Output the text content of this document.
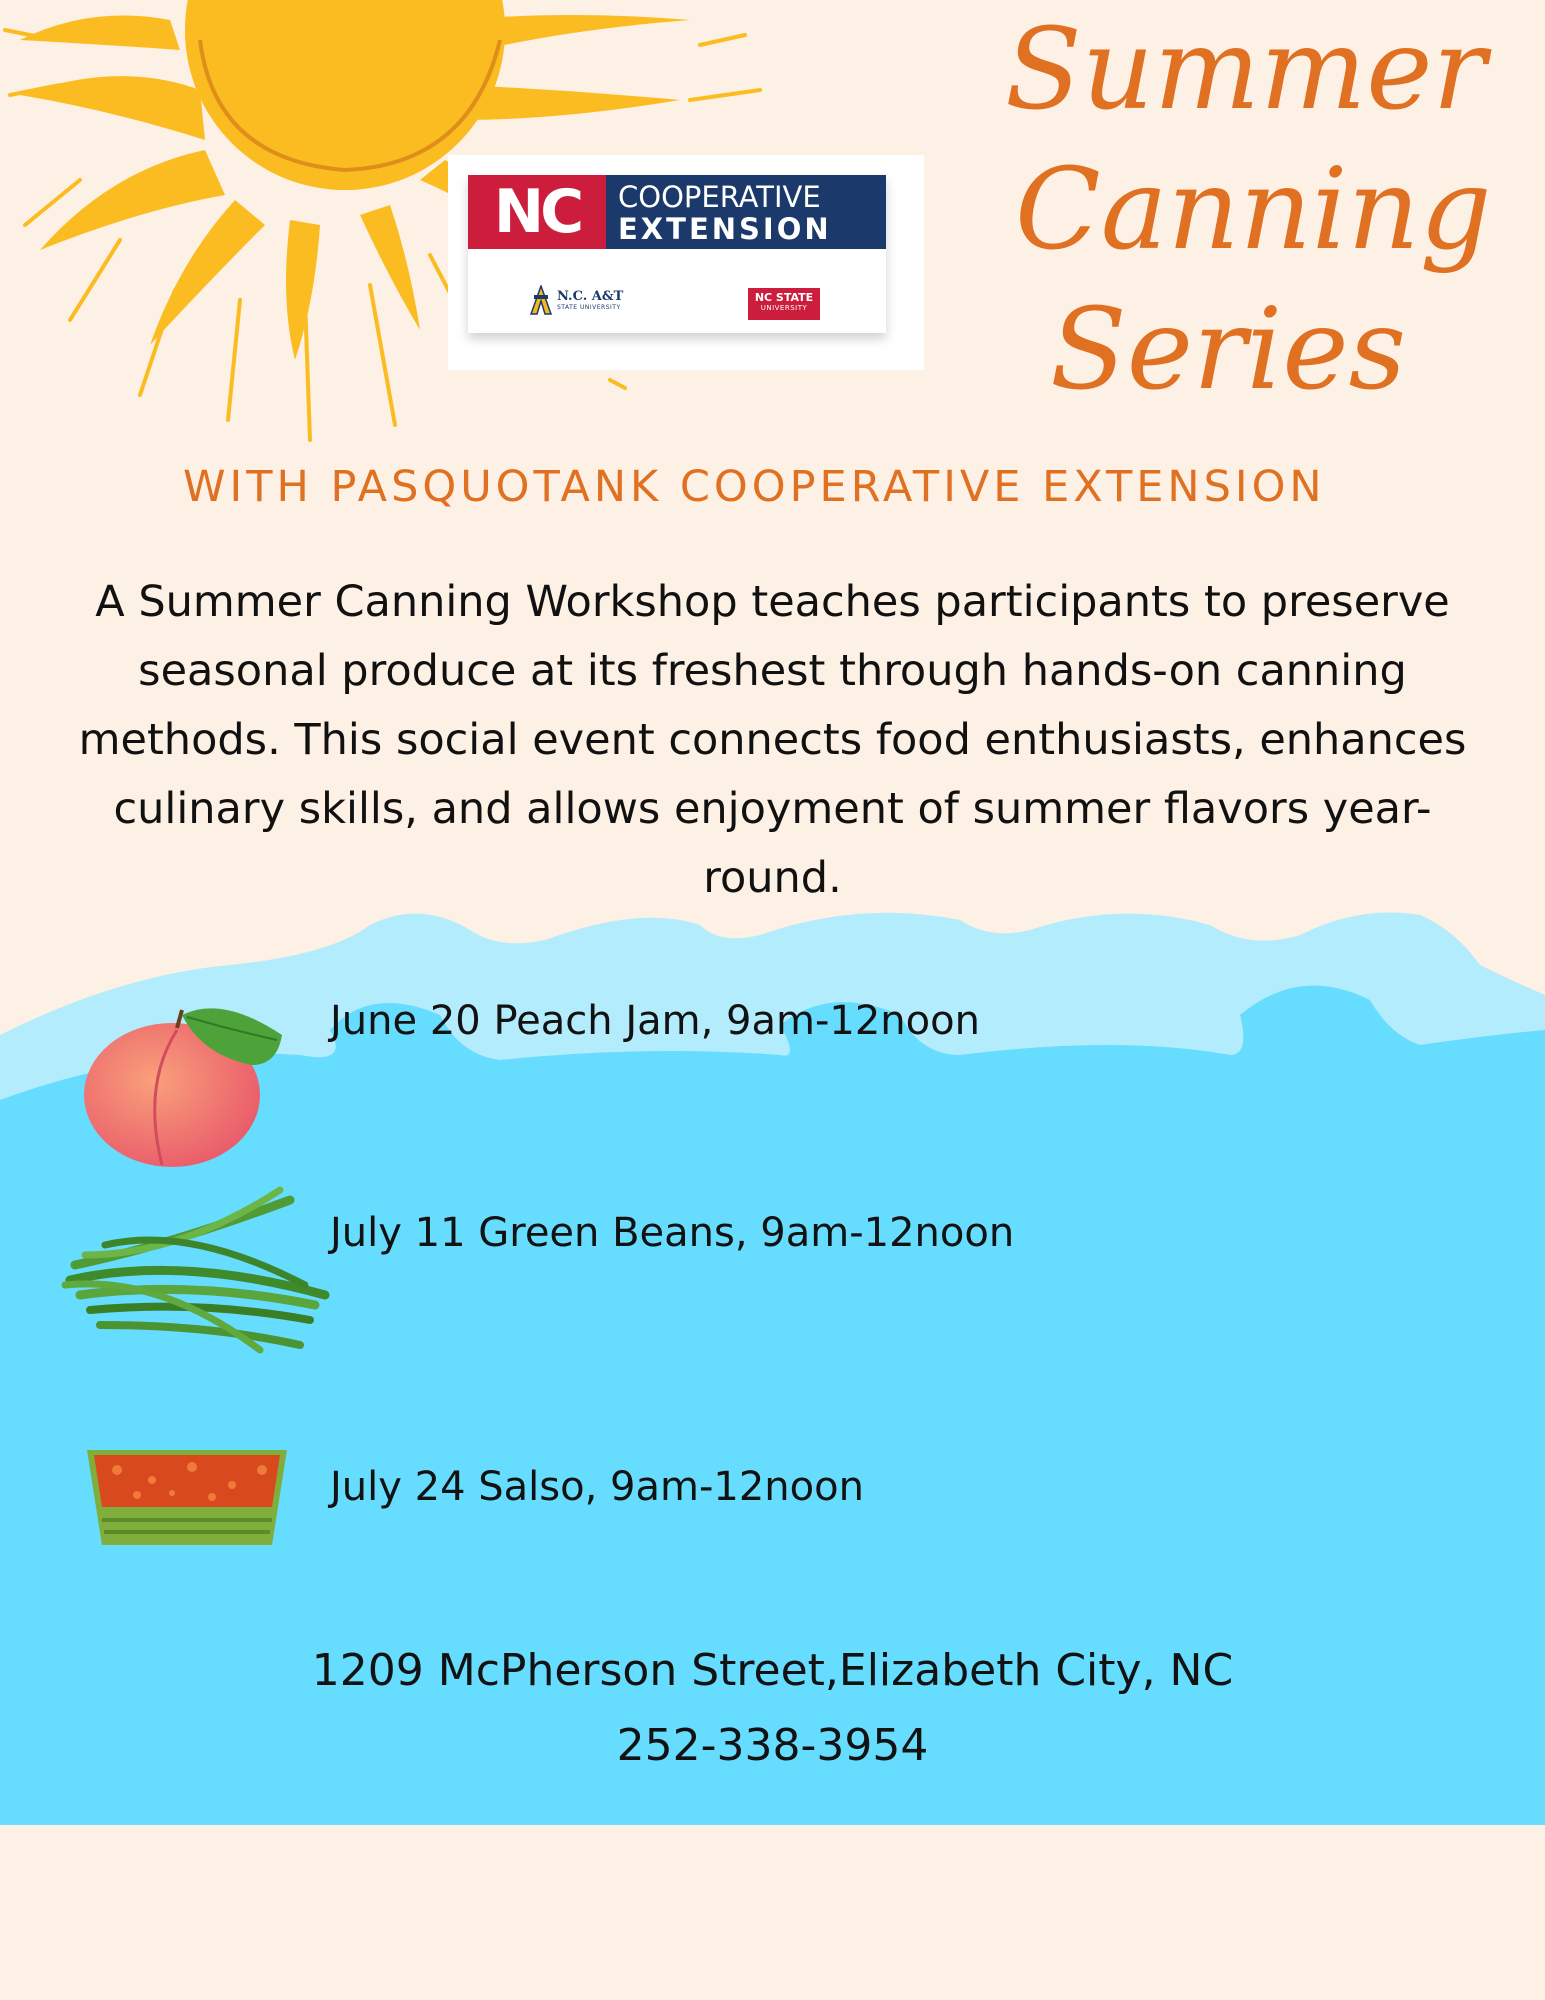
NC	COOPERATIVE
EXTENSION
N.C. A&T
STATE UNIVERSITY
NC STATE
UNIVERSITY
Summer
Canning
Series
WITH PASQUOTANK COOPERATIVE EXTENSION
A Summer Canning Workshop teaches participants to preserve seasonal produce at its freshest through hands-on canning methods. This social event connects food enthusiasts, enhances culinary skills, and allows enjoyment of summer flavors year-round.
June 20 Peach Jam, 9am-12noon
July 11 Green Beans, 9am-12noon
July 24 Salso, 9am-12noon
1209 McPherson Street,Elizabeth City, NC
252-338-3954
